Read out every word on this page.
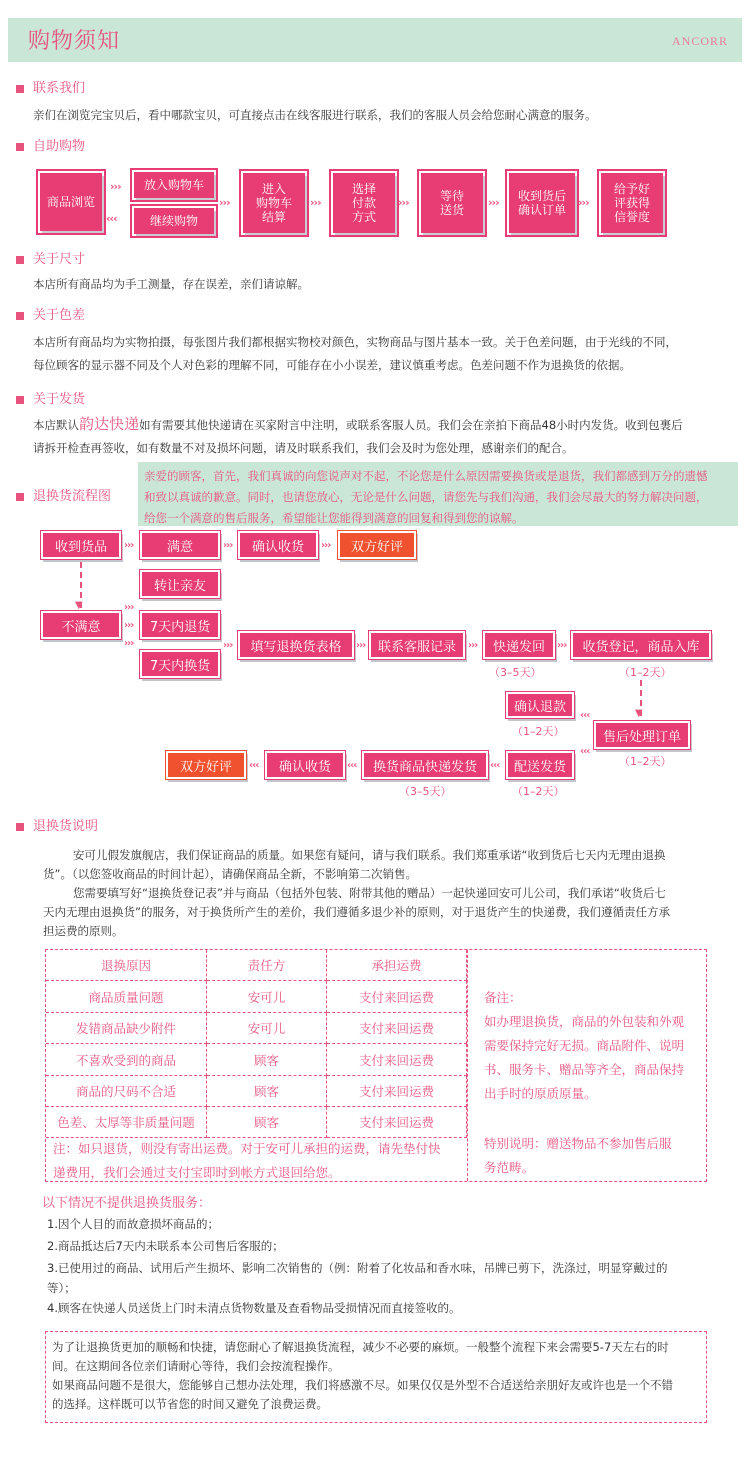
购物须知	ANCORR
联系我们
亲们在浏览完宝贝后，看中哪款宝贝，可直接点击在线客服进行联系，我们的客服人员会给您耐心满意的服务。
自助购物
商品浏览
›››
‹‹‹
放入购物车
继续购物
›››
进入
购物车
结算
›››
选择
付款
方式
›››	等待
送货
››› 收到货后
确认订单
›››
给予好
评获得
信誉度
关于尺寸
本店所有商品均为手工测量，存在误差，亲们请谅解。
关于色差
本店所有商品均为实物拍摄，每张图片我们都根据实物校对颜色，实物商品与图片基本一致。关于色差问题，由于光线的不同，
每位顾客的显示器不同及个人对色彩的理解不同，可能存在小小误差，建议慎重考虑。色差问题不作为退换货的依据。
关于发货
本店默认韵达快递如有需要其他快递请在买家附言中注明，或联系客服人员。我们会在亲拍下商品48小时内发货。收到包裹后
请拆开检查再签收，如有数量不对及损坏问题，请及时联系我们，我们会及时为您处理，感谢亲们的配合。
亲爱的顾客，首先，我们真诚的向您说声对不起，不论您是什么原因需要换货或是退货，我们都感到万分的遗憾
和致以真诚的歉意。同时，也请您放心，无论是什么问题，请您先与我们沟通，我们会尽最大的努力解决问题，
给您一个满意的售后服务，希望能让您能得到满意的回复和得到您的谅解。
退换货流程图
收到货品	›››	满意	›››	确认收货	›››	双方好评
▼
转让亲友
不满意
›››
›››
›››
7天内退货
7天内换货
›››	填写退换货表格	››› 联系客服记录	›››	快递发回
（3–5天）
›››	收货登记，商品入库
（1–2天）
确认退款
（1–2天）
‹‹‹	▼
售后处理订单
（1–2天）
‹‹‹
双方好评	‹‹‹	确认收货	‹‹‹	换货商品快递发货
（3–5天）
‹‹‹	配送发货
（1–2天）
退换货说明
安可儿假发旗舰店，我们保证商品的质量。如果您有疑问，请与我们联系。我们郑重承诺“收到货后七天内无理由退换
货”。（以您签收商品的时间计起），请确保商品全新，不影响第二次销售。
您需要填写好“退换货登记表”并与商品（包括外包装、附带其他的赠品）一起快递回安可儿公司，我们承诺“收货后七
天内无理由退换货”的服务，对于换货所产生的差价，我们遵循多退少补的原则，对于退货产生的快递费，我们遵循责任方承
担运费的原则。
退换原因	责任方	承担运费
商品质量问题	安可儿	支付来回运费
发错商品缺少附件	安可儿	支付来回运费
不喜欢受到的商品	顾客	支付来回运费
商品的尺码不合适	顾客	支付来回运费
色差、太厚等非质量问题	顾客	支付来回运费
注：如只退货，则没有寄出运费。对于安可儿承担的运费，请先垫付快
递费用，我们会通过支付宝即时到帐方式退回给您。
备注：
如办理退换货，商品的外包装和外观
需要保持完好无损。商品附件、说明
书、服务卡、赠品等齐全，商品保持
出手时的原质原量。
特别说明：赠送物品不参加售后服
务范畴。
以下情况不提供退换货服务：
1.因个人目的而故意损坏商品的；
2.商品抵达后7天内未联系本公司售后客服的；
3.已使用过的商品、试用后产生损坏、影响二次销售的（例：附着了化妆品和香水味，吊牌已剪下，洗涤过，明显穿戴过的
等）；
4.顾客在快递人员送货上门时未清点货物数量及查看物品受损情况而直接签收的。
为了让退换货更加的顺畅和快捷，请您耐心了解退换货流程，减少不必要的麻烦。一般整个流程下来会需要5-7天左右的时
间。在这期间各位亲们请耐心等待，我们会按流程操作。
如果商品问题不是很大，您能够自己想办法处理，我们将感激不尽。如果仅仅是外型不合适送给亲朋好友或许也是一个不错
的选择。这样既可以节省您的时间又避免了浪费运费。
